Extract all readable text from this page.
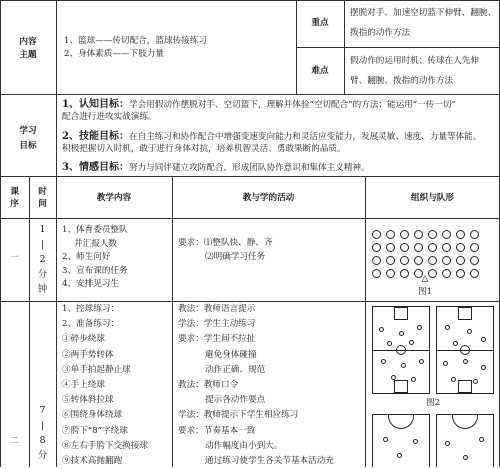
内容
主题
1、篮球——传切配合，篮球传接练习
2、身体素质——下肢力量
重点
摆脱对手、加速空切篮下伸臂、翻腕、
拨指的动作方法
难点
假动作的运用时机；传球在人先伸
臂、翻腕、拨指的动作方法
学习
目标
1、认知目标：学会用假动作摆脱对手、空切篮下，理解并体验“空切配合”的方法；能运用“一传一切”
配合进行进攻实战演练。
2、技能目标：在自主练习和协作配合中增强变速变向能力和灵活应变能力，发展灵敏、速度、力量等体能。
积极把握切入时机，敢于进行身体对抗，培养机智灵活、勇敢果断的品质。
3、情感目标：努力与同伴建立攻防配合，形成团队协作意识和集体主义精神。
课
序
时
间
教学内容	教与学的活动	组织与队形
一
1
|
2
分
钟
1、体育委员整队
并汇报人数
2、师生问好
3、宣布课的任务
4、安排见习生
要求：⑴整队快、静、齐
⑵明确学习任务
△
图1
二
7
|
8
分
1、控球练习：
2、准备练习：
①碎步绕球
②两手势转体
③单手拍起静止球
④手上绕球
⑤转体斜拉球
⑥围绕身体绕球
⑦胯下“8”字绕球
⑧左右手胯下交换接球
⑨技术高抛翻跑
教法：教师语言提示
学法：学生主动练习
要求：学生间不拉扯
避免身体碰撞
动作正确、规范
教法：教师口令
提示各动作要点
学法：教师提示下学生相应练习
要求：节奏基本一致
动作幅度由小到大。
通过练习使学生各关节基本活动充
图2
